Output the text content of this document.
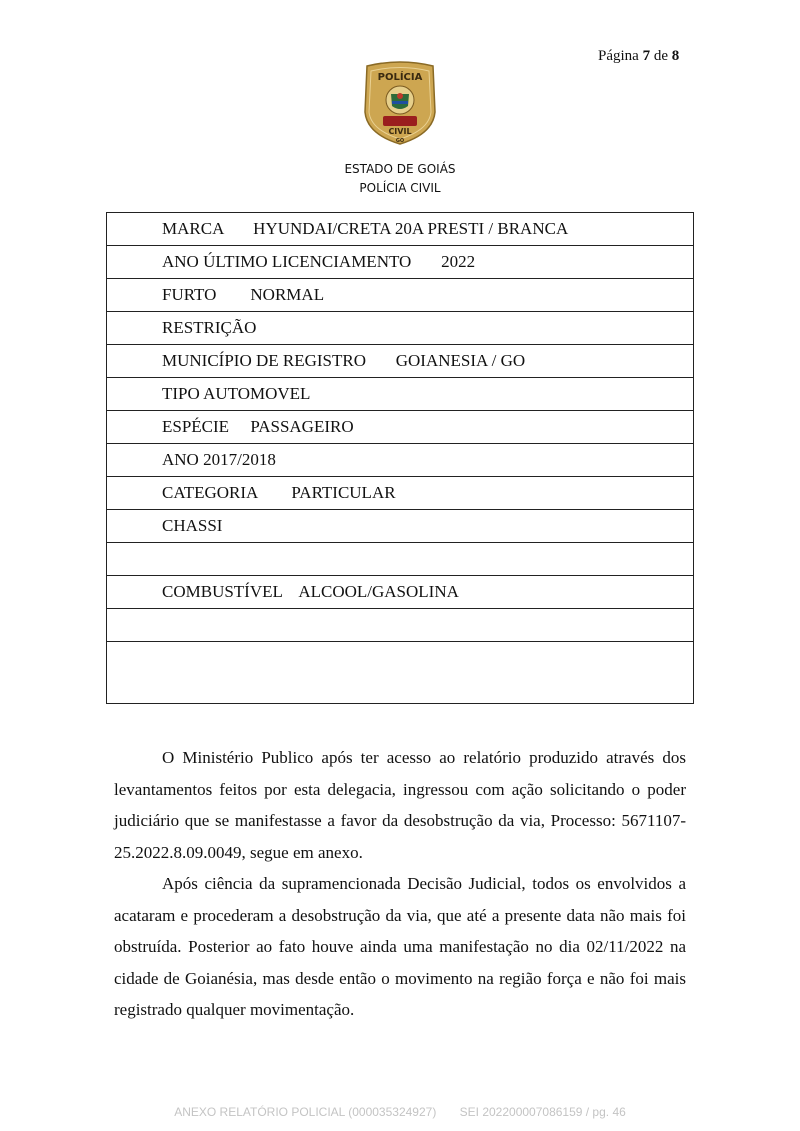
Página 7 de 8
POLÍCIA
CIVIL
GO
ESTADO DE GOIÁS
POLÍCIA CIVIL
MARCA HYUNDAI/CRETA 20A PRESTI / BRANCA
ANO ÚLTIMO LICENCIAMENTO 2022
FURTO NORMAL
RESTRIÇÃO
MUNICÍPIO DE REGISTRO GOIANESIA / GO
TIPO AUTOMOVEL
ESPÉCIE PASSAGEIRO
ANO 2017/2018
CATEGORIA PARTICULAR
CHASSI

COMBUSTÍVEL ALCOOL/GASOLINA

O Ministério Publico após ter acesso ao relatório produzido através dos levantamentos feitos por esta delegacia, ingressou com ação solicitando o poder judiciário que se manifestasse a favor da desobstrução da via, Processo: 5671107-25.2022.8.09.0049, segue em anexo.

Após ciência da supramencionada Decisão Judicial, todos os envolvidos a acataram e procederam a desobstrução da via, que até a presente data não mais foi obstruída. Posterior ao fato houve ainda uma manifestação no dia 02/11/2022 na cidade de Goianésia, mas desde então o movimento na região força e não foi mais registrado qualquer movimentação.

ANEXO RELATÓRIO POLICIAL (000035324927)       SEI 202200007086159 / pg. 46
